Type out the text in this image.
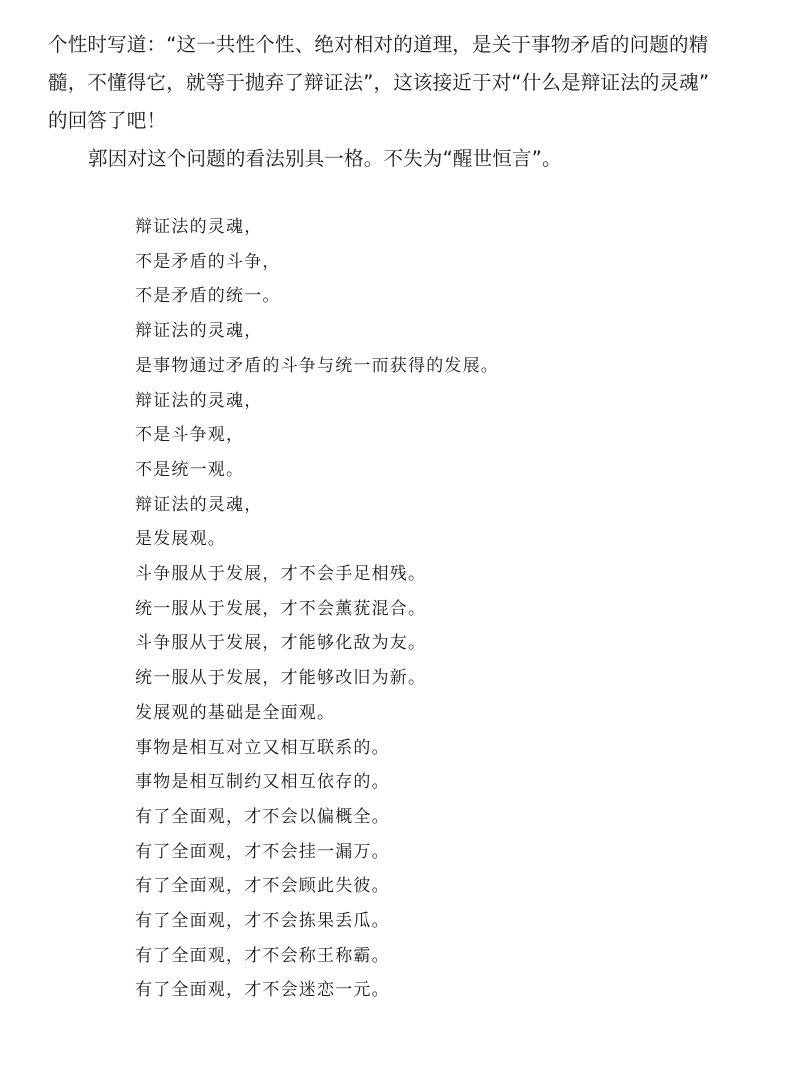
个性时写道：“这一共性个性、绝对相对的道理，是关于事物矛盾的问题的精

髓，不懂得它，就等于抛弃了辩证法”，这该接近于对“什么是辩证法的灵魂”

的回答了吧！

郭因对这个问题的看法别具一格。不失为“醒世恒言”。

辩证法的灵魂，
不是矛盾的斗争，
不是矛盾的统一。
辩证法的灵魂，
是事物通过矛盾的斗争与统一而获得的发展。
辩证法的灵魂，
不是斗争观，
不是统一观。
辩证法的灵魂，
是发展观。
斗争服从于发展，才不会手足相残。
统一服从于发展，才不会薰莸混合。
斗争服从于发展，才能够化敌为友。
统一服从于发展，才能够改旧为新。
发展观的基础是全面观。
事物是相互对立又相互联系的。
事物是相互制约又相互依存的。
有了全面观，才不会以偏概全。
有了全面观，才不会挂一漏万。
有了全面观，才不会顾此失彼。
有了全面观，才不会拣果丢瓜。
有了全面观，才不会称王称霸。
有了全面观，才不会迷恋一元。
